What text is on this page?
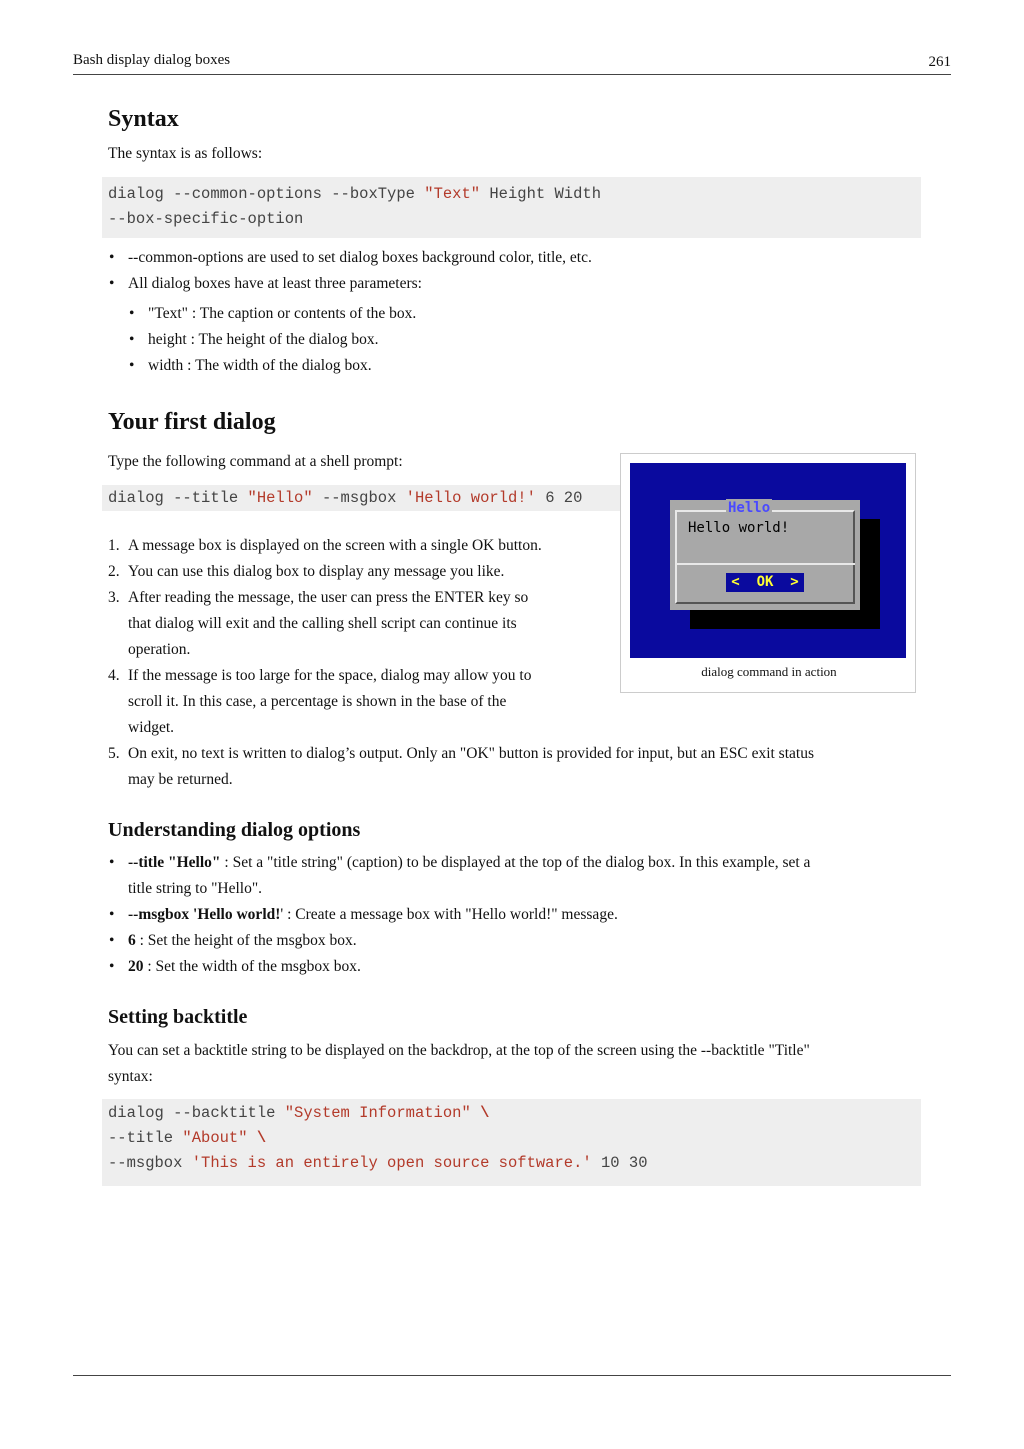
Bash display dialog boxes	261
Syntax

The syntax is as follows:

dialog --common-options --boxType "Text" Height Width
--box-specific-option
• --common-options are used to set dialog boxes background color, title, etc.
• All dialog boxes have at least three parameters:
• "Text" : The caption or contents of the box.
• height : The height of the dialog box.
• width : The width of the dialog box.
Your first dialog

Type the following command at a shell prompt:

dialog --title "Hello" --msgbox 'Hello world!' 6 20
1. A message box is displayed on the screen with a single OK button.
2. You can use this dialog box to display any message you like.
3. After reading the message, the user can press the ENTER key so
that dialog will exit and the calling shell script can continue its
operation.
4. If the message is too large for the space, dialog may allow you to
scroll it. In this case, a percentage is shown in the base of the
widget.
5. On exit, no text is written to dialog’s output. Only an "OK" button is provided for input, but an ESC exit status
may be returned.
Hello
Hello world!
<  OK  >
dialog command in action
Understanding dialog options
• --title "Hello" : Set a "title string" (caption) to be displayed at the top of the dialog box. In this example, set a
title string to "Hello".
• --msgbox 'Hello world!' : Create a message box with "Hello world!" message.
• 6 : Set the height of the msgbox box.
• 20 : Set the width of the msgbox box.
Setting backtitle

You can set a backtitle string to be displayed on the backdrop, at the top of the screen using the --backtitle "Title"
syntax:

dialog --backtitle "System Information" \
--title "About" \
--msgbox 'This is an entirely open source software.' 10 30
